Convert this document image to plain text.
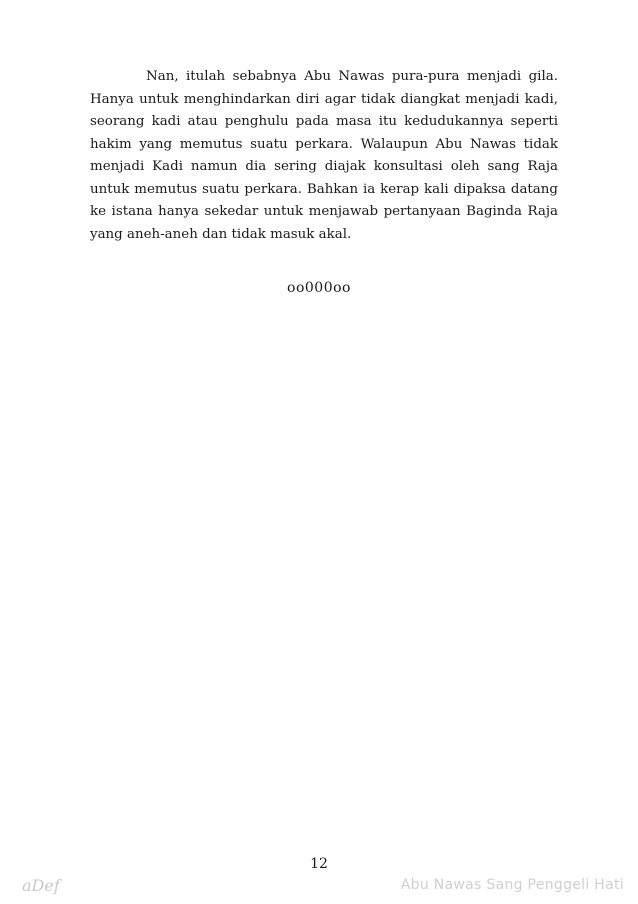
Nan, itulah sebabnya Abu Nawas pura-pura menjadi gila. Hanya untuk menghindarkan diri agar tidak diangkat menjadi kadi, seorang kadi atau penghulu pada masa itu kedudukannya seperti hakim yang memutus suatu perkara. Walaupun Abu Nawas tidak menjadi Kadi namun dia sering diajak konsultasi oleh sang Raja untuk memutus suatu perkara. Bahkan ia kerap kali dipaksa datang ke istana hanya sekedar untuk menjawab pertanyaan Baginda Raja yang aneh-aneh dan tidak masuk akal.

oo000oo
12
aDef	Abu Nawas Sang Penggeli Hati
